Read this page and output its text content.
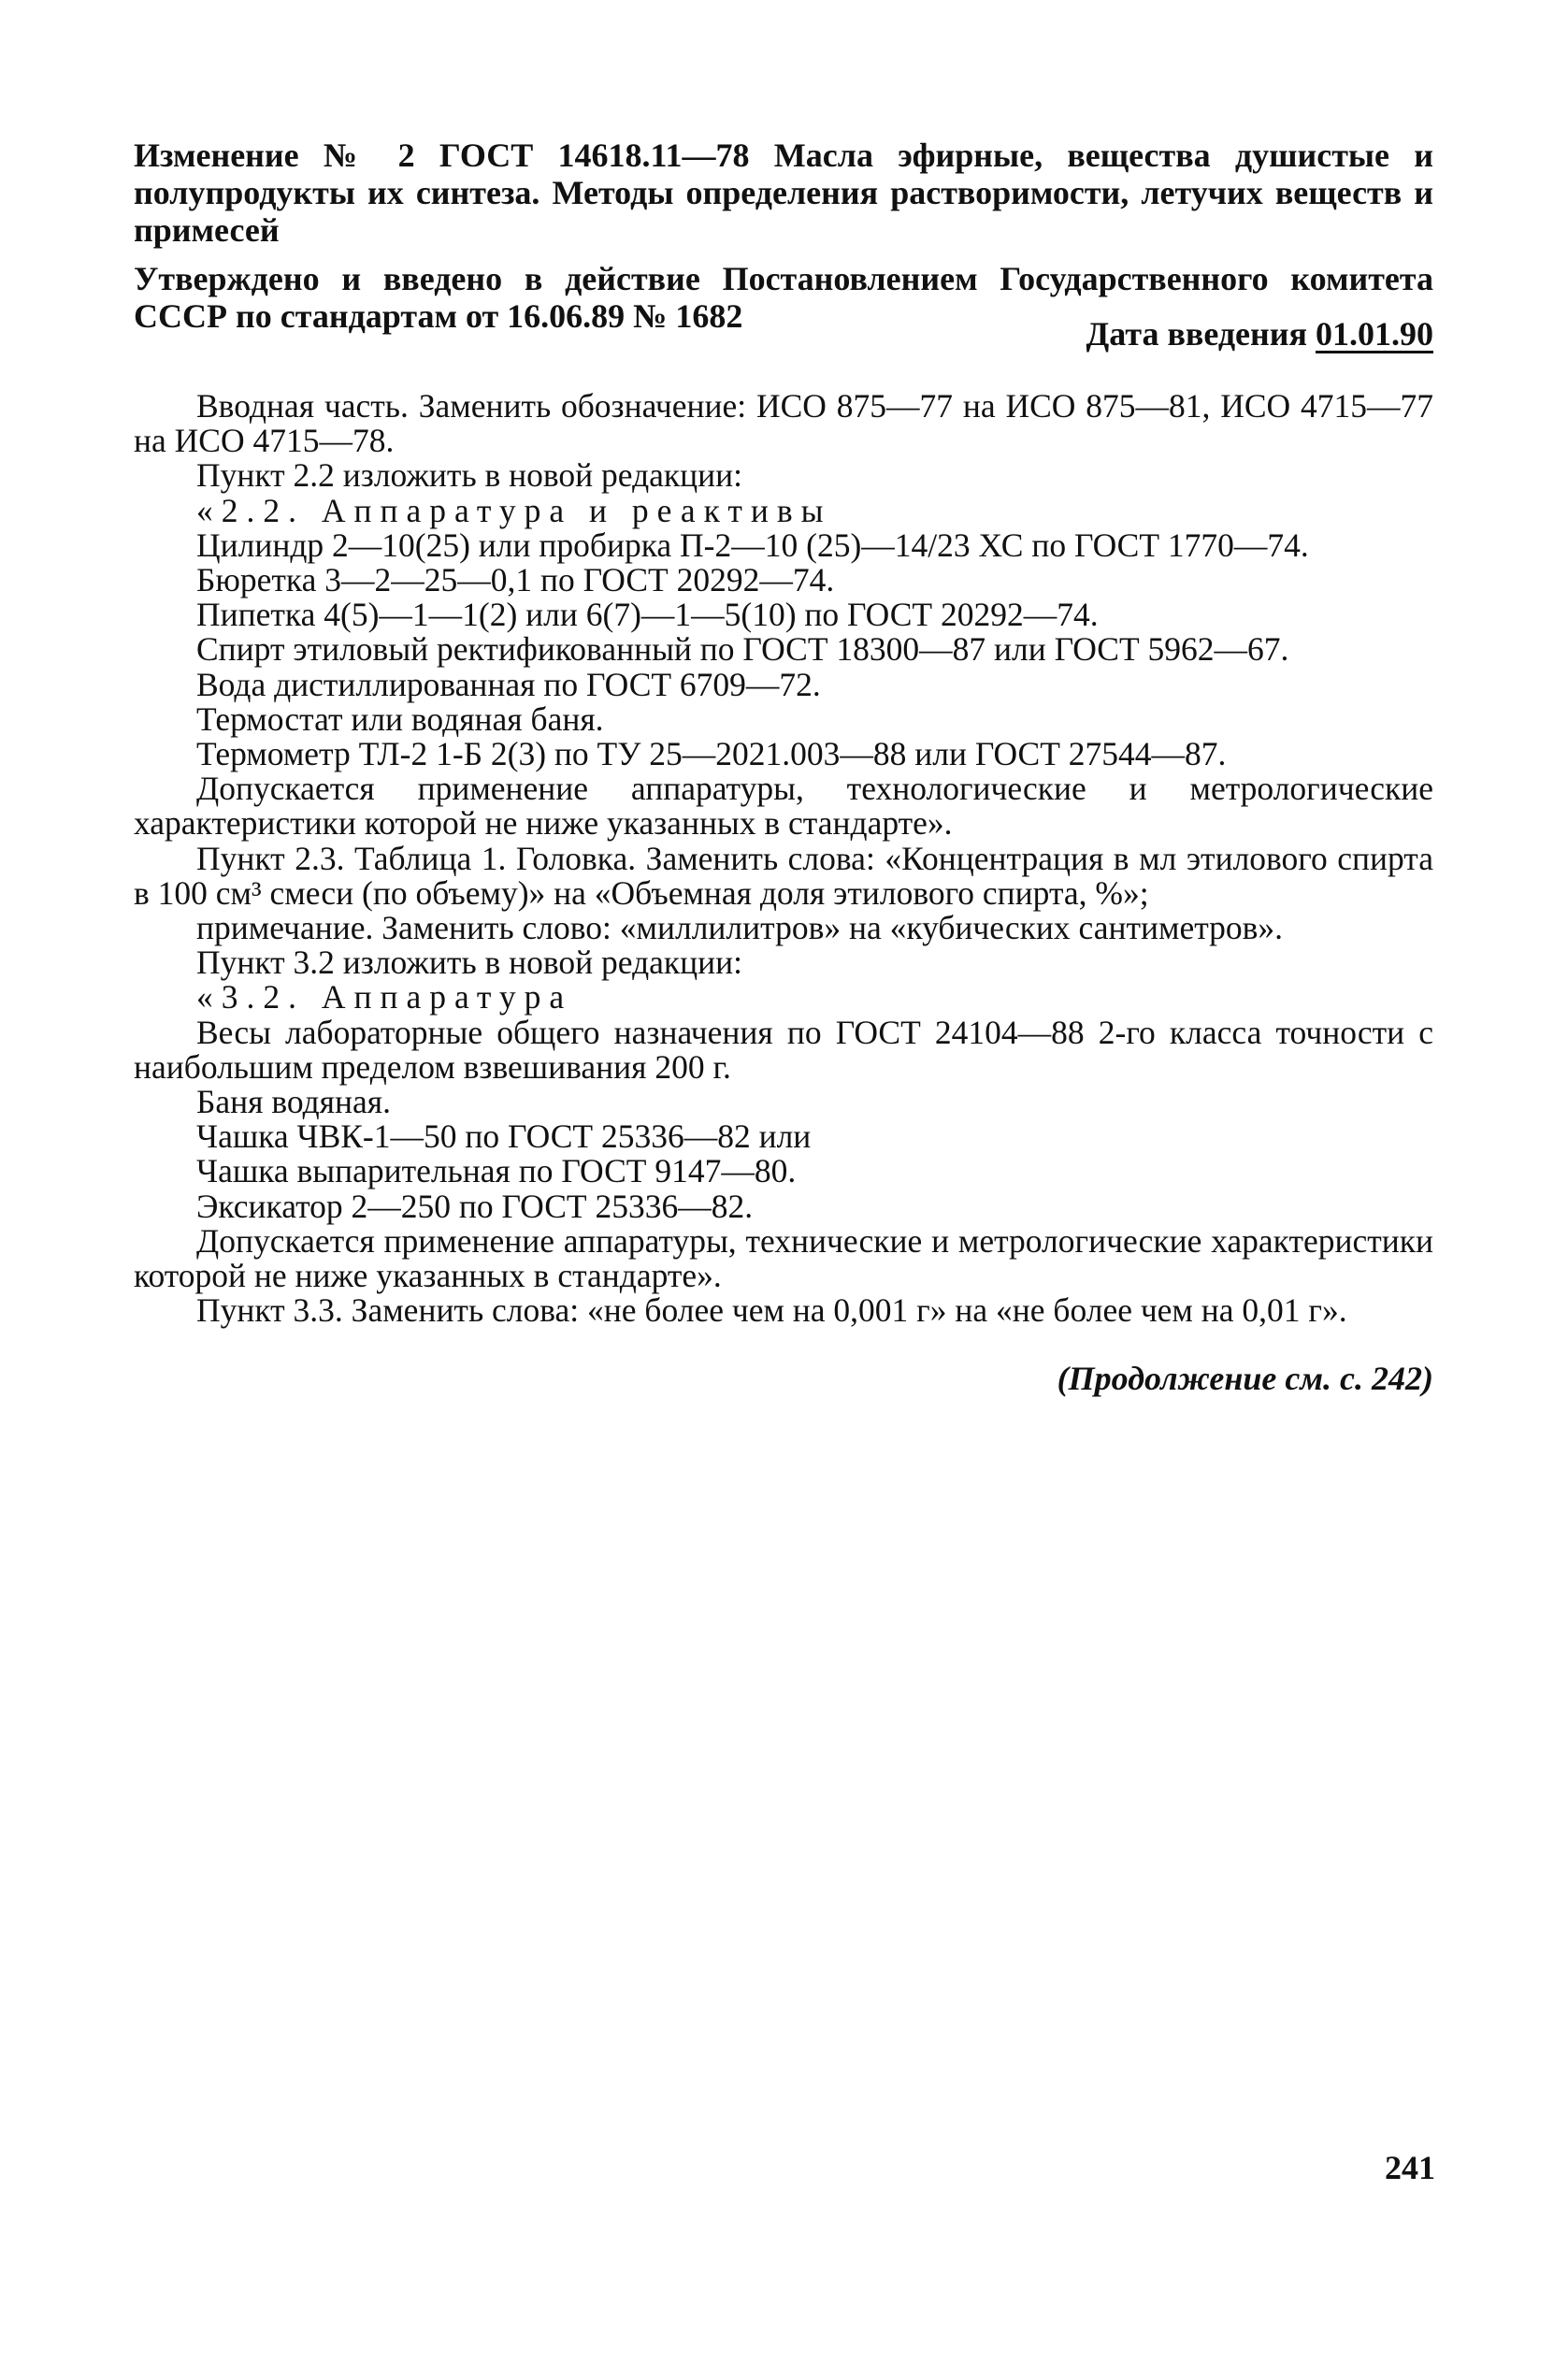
Изменение № 2 ГОСТ 14618.11—78 Масла эфирные, вещества душистые и полупродукты их синтеза. Методы определения растворимости, летучих веществ и примесей

Утверждено и введено в действие Постановлением Государственного комитета СССР по стандартам от 16.06.89 № 1682	Дата введения 01.01.90

Вводная часть. Заменить обозначение: ИСО 875—77 на ИСО 875—81, ИСО 4715—77 на ИСО 4715—78.

Пункт 2.2 изложить в новой редакции:

«2.2. Аппаратура и реактивы

Цилиндр 2—10(25) или пробирка П-2—10 (25)—14/23 ХС по ГОСТ 1770—74.

Бюретка 3—2—25—0,1 по ГОСТ 20292—74.

Пипетка 4(5)—1—1(2) или 6(7)—1—5(10) по ГОСТ 20292—74.

Спирт этиловый ректификованный по ГОСТ 18300—87 или ГОСТ 5962—67.

Вода дистиллированная по ГОСТ 6709—72.

Термостат или водяная баня.

Термометр ТЛ-2 1-Б 2(3) по ТУ 25—2021.003—88 или ГОСТ 27544—87.

Допускается применение аппаратуры, технологические и метрологические характеристики которой не ниже указанных в стандарте».

Пункт 2.3. Таблица 1. Головка. Заменить слова: «Концентрация в мл этилового спирта в 100 см³ смеси (по объему)» на «Объемная доля этилового спирта, %»;

примечание. Заменить слово: «миллилитров» на «кубических сантиметров».

Пункт 3.2 изложить в новой редакции:

«3.2. Аппаратура

Весы лабораторные общего назначения по ГОСТ 24104—88 2-го класса точности с наибольшим пределом взвешивания 200 г.

Баня водяная.

Чашка ЧВК-1—50 по ГОСТ 25336—82 или

Чашка выпарительная по ГОСТ 9147—80.

Эксикатор 2—250 по ГОСТ 25336—82.

Допускается применение аппаратуры, технические и метрологические характеристики которой не ниже указанных в стандарте».

Пункт 3.3. Заменить слова: «не более чем на 0,001 г» на «не более чем на 0,01 г».

(Продолжение см. с. 242)
241
